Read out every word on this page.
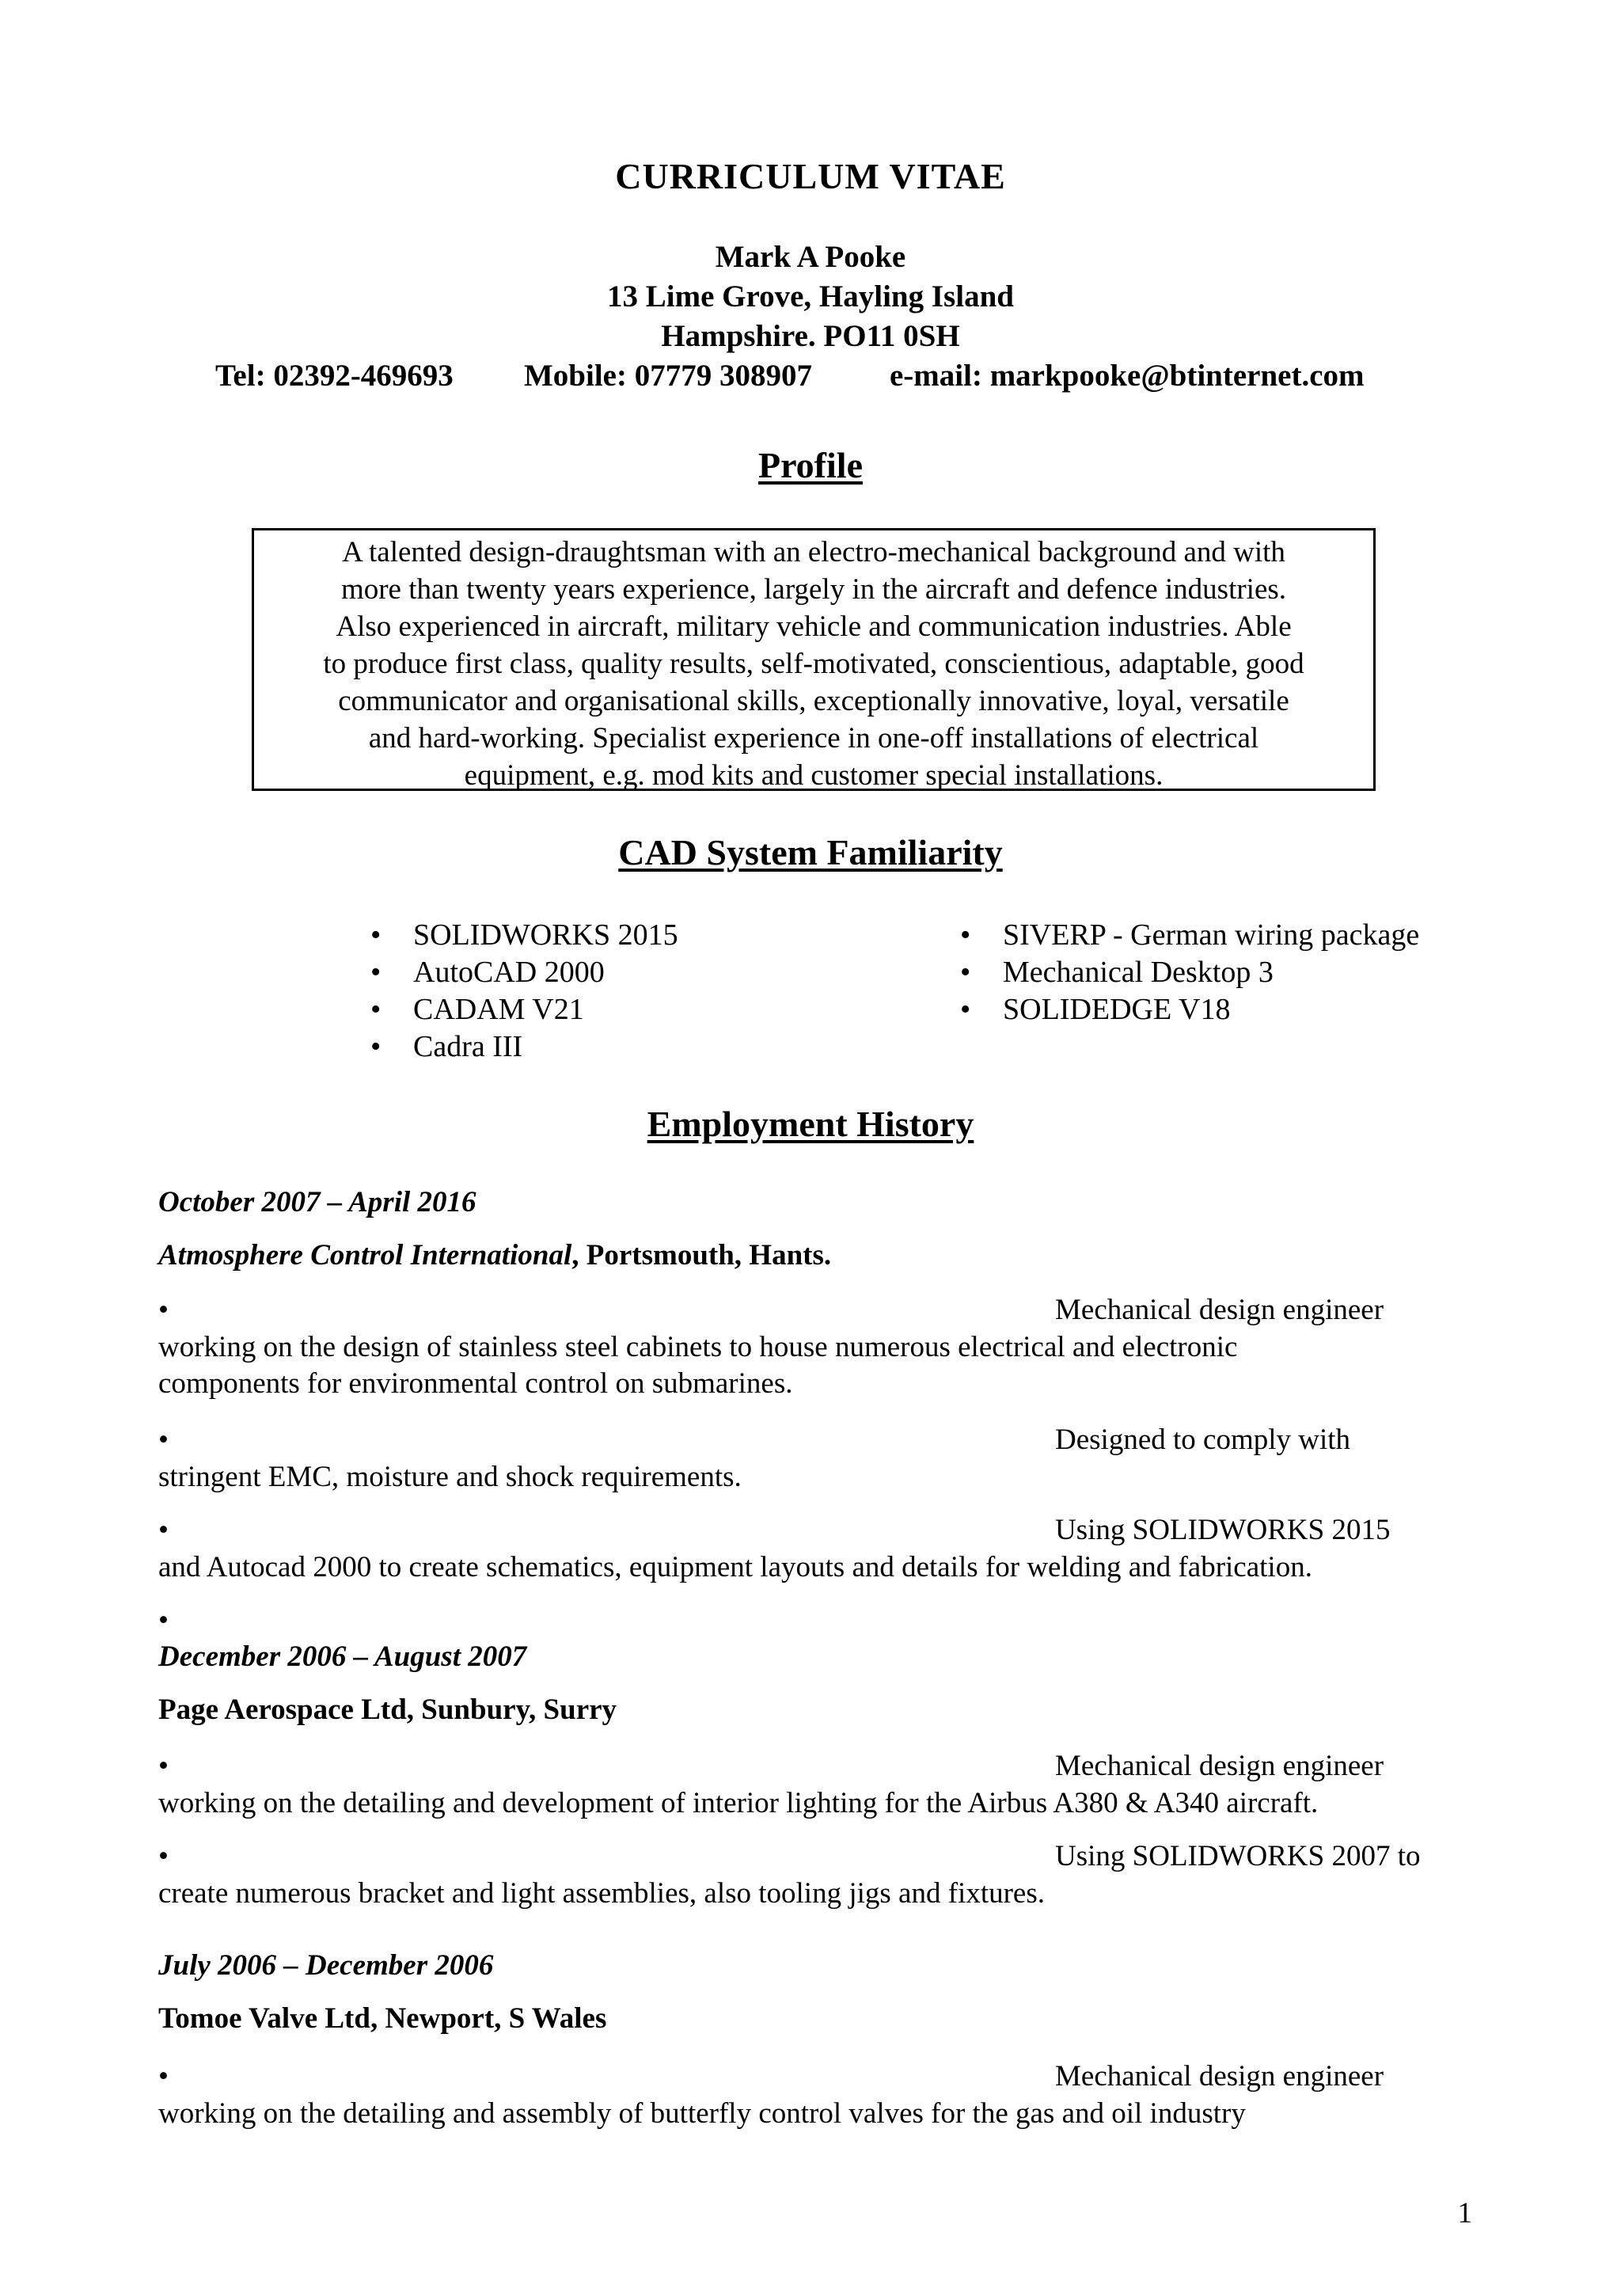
CURRICULUM VITAE
Mark A Pooke
13 Lime Grove, Hayling Island
Hampshire. PO11 0SH
Tel: 02392-469693 Mobile: 07779 308907	e-mail: markpooke@btinternet.com
Profile
A talented design-draughtsman with an electro-mechanical background and with
more than twenty years experience, largely in the aircraft and defence industries.
Also experienced in aircraft, military vehicle and communication industries. Able
to produce first class, quality results, self-motivated, conscientious, adaptable, good
communicator and organisational skills, exceptionally innovative, loyal, versatile
and hard-working. Specialist experience in one-off installations of electrical
equipment, e.g. mod kits and customer special installations.
CAD System Familiarity
• SOLIDWORKS 2015
• AutoCAD 2000
• CADAM V21
• Cadra III
• SIVERP - German wiring package
• Mechanical Desktop 3
• SOLIDEDGE V18
Employment History
October 2007 – April 2016
Atmosphere Control International, Portsmouth, Hants.
•	Mechanical design engineer
working on the design of stainless steel cabinets to house numerous electrical and electronic
components for environmental control on submarines.
•	Designed to comply with
stringent EMC, moisture and shock requirements.
•	Using SOLIDWORKS 2015
and Autocad 2000 to create schematics, equipment layouts and details for welding and fabrication.
•
December 2006 – August 2007
Page Aerospace Ltd, Sunbury, Surry
•	Mechanical design engineer
working on the detailing and development of interior lighting for the Airbus A380 & A340 aircraft.
•	Using SOLIDWORKS 2007 to
create numerous bracket and light assemblies, also tooling jigs and fixtures.
July 2006 – December 2006
Tomoe Valve Ltd, Newport, S Wales
•	Mechanical design engineer
working on the detailing and assembly of butterfly control valves for the gas and oil industry
1
